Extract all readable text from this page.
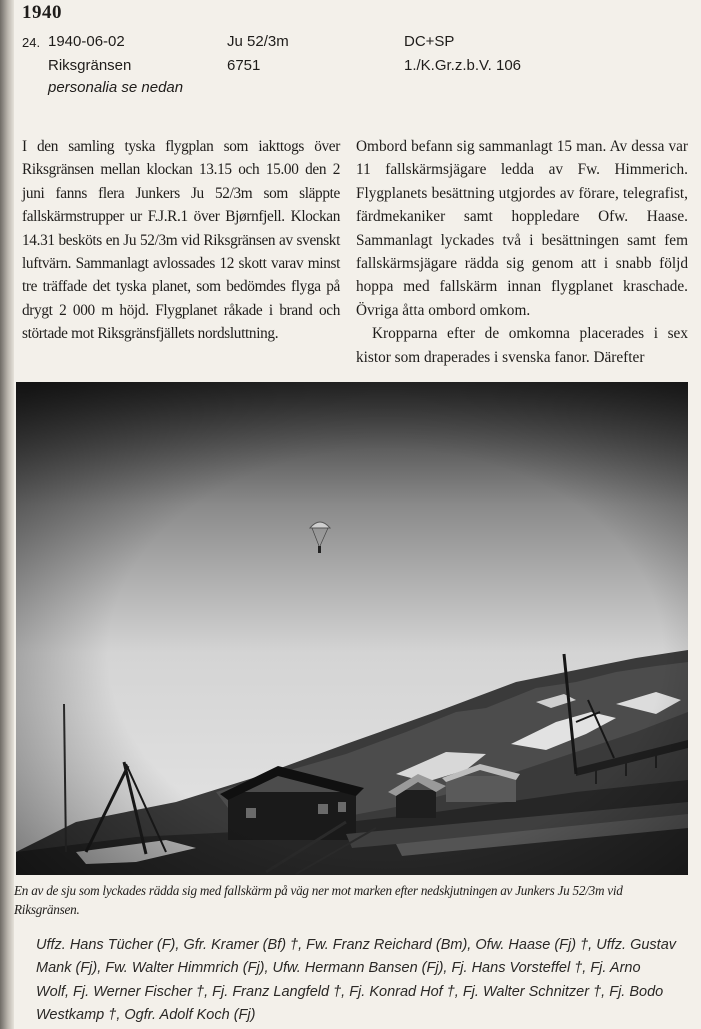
1940
24. 1940-06-02
Riksgränsen
personalia se nedan
Ju 52/3m
6751
DC+SP
1./K.Gr.z.b.V. 106

I den samling tyska flygplan som iakttogs över Riksgränsen mellan klockan 13.15 och 15.00 den 2 juni fanns flera Junkers Ju 52/3m som släppte fallskärmstrupper ur F.J.R.1 över Bjørnfjell. Klockan 14.31 besköts en Ju 52/3m vid Riksgränsen av svenskt luftvärn. Sammanlagt avlossades 12 skott varav minst tre träffade det tyska planet, som bedömdes flyga på drygt 2 000 m höjd. Flygplanet råkade i brand och störtade mot Riksgränsfjällets nordsluttning.

Ombord befann sig sammanlagt 15 man. Av dessa var 11 fallskärmsjägare ledda av Fw. Himmerich. Flygplanets besättning utgjordes av förare, telegrafist, färdmekaniker samt hoppledare Ofw. Haase. Sammanlagt lyckades två i besättningen samt fem fallskärmsjägare rädda sig genom att i snabb följd hoppa med fallskärm innan flygplanet kraschade. Övriga åtta ombord omkom.

Kropparna efter de omkomna placerades i sex kistor som draperades i svenska fanor. Därefter

En av de sju som lyckades rädda sig med fallskärm på väg ner mot marken efter nedskjutningen av Junkers Ju 52/3m vid Riksgränsen.
Uffz. Hans Tücher (F), Gfr. Kramer (Bf) †, Fw. Franz Reichard (Bm), Ofw. Haase (Fj) †, Uffz. Gustav Mank (Fj), Fw. Walter Himmrich (Fj), Ufw. Hermann Bansen (Fj), Fj. Hans Vorsteffel †, Fj. Arno Wolf, Fj. Werner Fischer †, Fj. Franz Langfeld †, Fj. Konrad Hof †, Fj. Walter Schnitzer †, Fj. Bodo Westkamp †, Ogfr. Adolf Koch (Fj)
